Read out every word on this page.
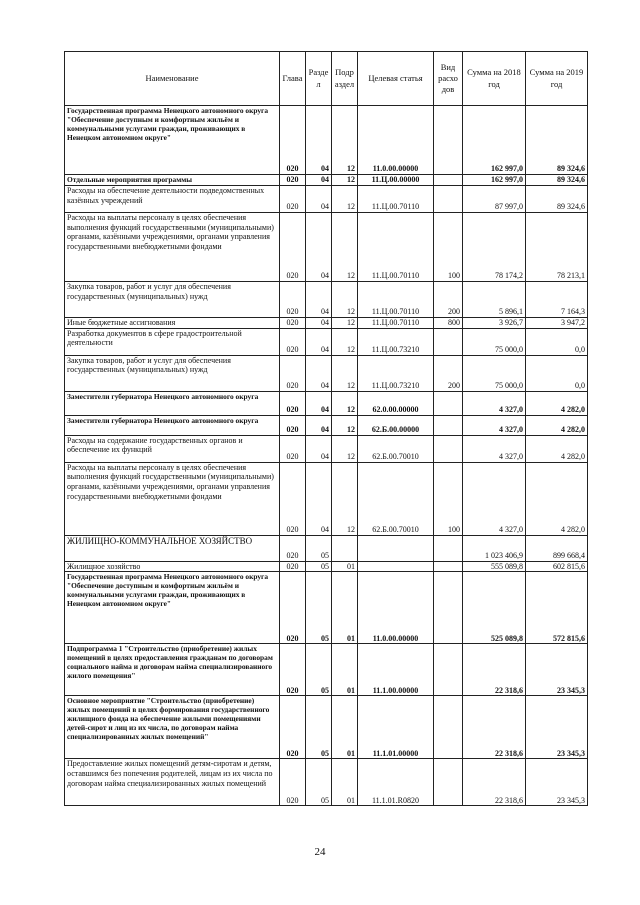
Наименование	Глава	Разде л	Подр аздел	Целевая статья	Вид расхо дов	Сумма на 2018 год	Сумма на 2019 год
Государственная программа Ненецкого автономного округа "Обеспечение доступным и комфортным жильём и коммунальными услугами граждан, проживающих в Ненецком автономном округе"	020	04	12	11.0.00.00000		162 997,0	89 324,6
Отдельные мероприятия программы	020	04	12	11.Ц.00.00000		162 997,0	89 324,6
Расходы на обеспечение деятельности подведомственных казённых учреждений	020	04	12	11.Ц.00.70110		87 997,0	89 324,6
Расходы на выплаты персоналу в целях обеспечения выполнения функций государственными (муниципальными) органами, казёнными учреждениями, органами управления государственными внебюджетными фондами	020	04	12	11.Ц.00.70110	100	78 174,2	78 213,1
Закупка товаров, работ и услуг для обеспечения государственных (муниципальных) нужд	020	04	12	11.Ц.00.70110	200	5 896,1	7 164,3
Иные бюджетные ассигнования	020	04	12	11.Ц.00.70110	800	3 926,7	3 947,2
Разработка документов в сфере градостроительной деятельности	020	04	12	11.Ц.00.73210		75 000,0	0,0
Закупка товаров, работ и услуг для обеспечения государственных (муниципальных) нужд	020	04	12	11.Ц.00.73210	200	75 000,0	0,0
Заместители губернатора Ненецкого автономного округа	020	04	12	62.0.00.00000		4 327,0	4 282,0
Заместители губернатора Ненецкого автономного округа	020	04	12	62.Б.00.00000		4 327,0	4 282,0
Расходы на содержание государственных органов и обеспечение их функций	020	04	12	62.Б.00.70010		4 327,0	4 282,0
Расходы на выплаты персоналу в целях обеспечения выполнения функций государственными (муниципальными) органами, казёнными учреждениями, органами управления государственными внебюджетными фондами	020	04	12	62.Б.00.70010	100	4 327,0	4 282,0
ЖИЛИЩНО-КОММУНАЛЬНОЕ ХОЗЯЙСТВО	020	05				1 023 406,9	899 668,4
Жилищное хозяйство	020	05	01			555 089,8	602 815,6
Государственная программа Ненецкого автономного округа "Обеспечение доступным и комфортным жильём и коммунальными услугами граждан, проживающих в Ненецком автономном округе"	020	05	01	11.0.00.00000		525 089,8	572 815,6
Подпрограмма 1 "Строительство (приобретение) жилых помещений в целях предоставления гражданам по договорам социального найма и договорам найма специализированного жилого помещения"	020	05	01	11.1.00.00000		22 318,6	23 345,3
Основное мероприятие "Строительство (приобретение) жилых помещений в целях формирования государственного жилищного фонда на обеспечение жилыми помещениями детей-сирот и лиц из их числа, по договорам найма специализированных жилых помещений"	020	05	01	11.1.01.00000		22 318,6	23 345,3
Предоставление жилых помещений детям-сиротам и детям, оставшимся без попечения родителей, лицам из их числа по договорам найма специализированных жилых помещений	020	05	01	11.1.01.R0820		22 318,6	23 345,3
24
